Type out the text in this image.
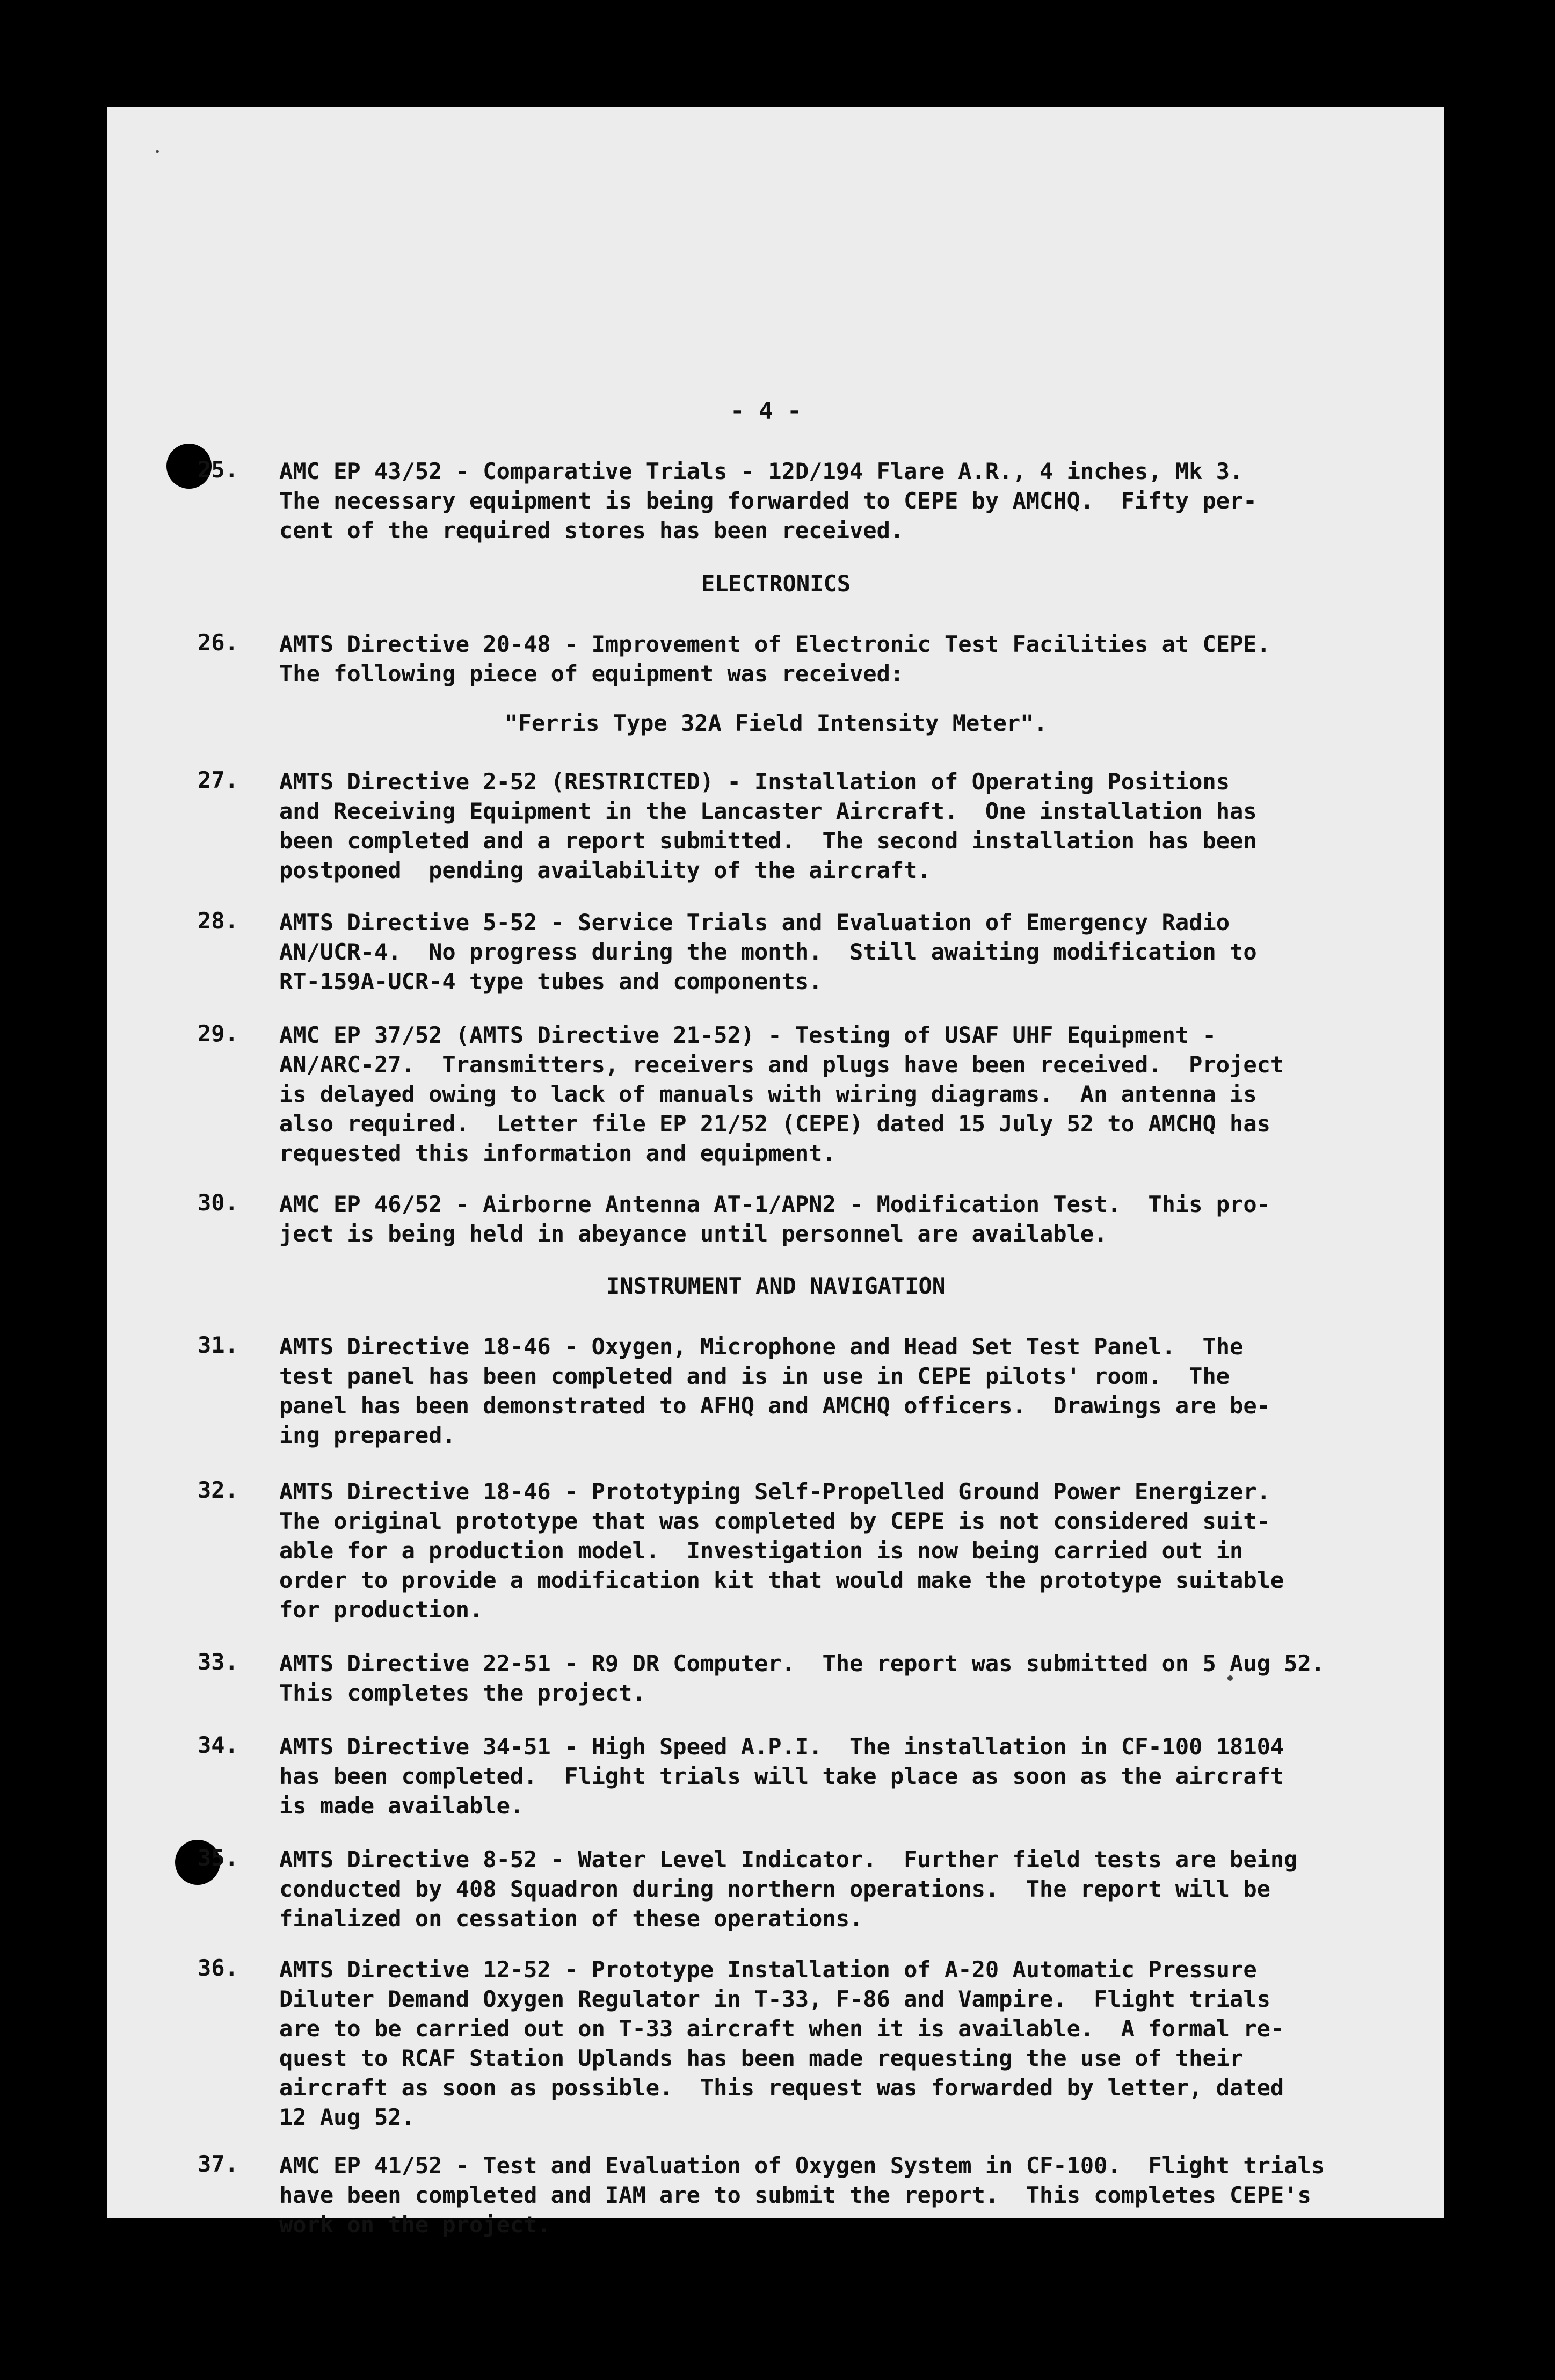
- 4 -
25. AMC EP 43/52 - Comparative Trials - 12D/194 Flare A.R., 4 inches, Mk 3.
The necessary equipment is being forwarded to CEPE by AMCHQ.  Fifty per-
cent of the required stores has been received.
ELECTRONICS
26. AMTS Directive 20-48 - Improvement of Electronic Test Facilities at CEPE.
The following piece of equipment was received:
"Ferris Type 32A Field Intensity Meter".
27. AMTS Directive 2-52 (RESTRICTED) - Installation of Operating Positions
and Receiving Equipment in the Lancaster Aircraft.  One installation has
been completed and a report submitted.  The second installation has been
postponed  pending availability of the aircraft.
28. AMTS Directive 5-52 - Service Trials and Evaluation of Emergency Radio
AN/UCR-4.  No progress during the month.  Still awaiting modification to
RT-159A-UCR-4 type tubes and components.
29. AMC EP 37/52 (AMTS Directive 21-52) - Testing of USAF UHF Equipment -
AN/ARC-27.  Transmitters, receivers and plugs have been received.  Project
is delayed owing to lack of manuals with wiring diagrams.  An antenna is
also required.  Letter file EP 21/52 (CEPE) dated 15 July 52 to AMCHQ has
requested this information and equipment.
30. AMC EP 46/52 - Airborne Antenna AT-1/APN2 - Modification Test.  This pro-
ject is being held in abeyance until personnel are available.
INSTRUMENT AND NAVIGATION
31. AMTS Directive 18-46 - Oxygen, Microphone and Head Set Test Panel.  The
test panel has been completed and is in use in CEPE pilots' room.  The
panel has been demonstrated to AFHQ and AMCHQ officers.  Drawings are be-
ing prepared.
32. AMTS Directive 18-46 - Prototyping Self-Propelled Ground Power Energizer.
The original prototype that was completed by CEPE is not considered suit-
able for a production model.  Investigation is now being carried out in
order to provide a modification kit that would make the prototype suitable
for production.
33. AMTS Directive 22-51 - R9 DR Computer.  The report was submitted on 5 Aug 52.
This completes the project.
34. AMTS Directive 34-51 - High Speed A.P.I.  The installation in CF-100 18104
has been completed.  Flight trials will take place as soon as the aircraft
is made available.
35. AMTS Directive 8-52 - Water Level Indicator.  Further field tests are being
conducted by 408 Squadron during northern operations.  The report will be
finalized on cessation of these operations.
36. AMTS Directive 12-52 - Prototype Installation of A-20 Automatic Pressure
Diluter Demand Oxygen Regulator in T-33, F-86 and Vampire.  Flight trials
are to be carried out on T-33 aircraft when it is available.  A formal re-
quest to RCAF Station Uplands has been made requesting the use of their
aircraft as soon as possible.  This request was forwarded by letter, dated
12 Aug 52.
37. AMC EP 41/52 - Test and Evaluation of Oxygen System in CF-100.  Flight trials
have been completed and IAM are to submit the report.  This completes CEPE's
work on the project.
